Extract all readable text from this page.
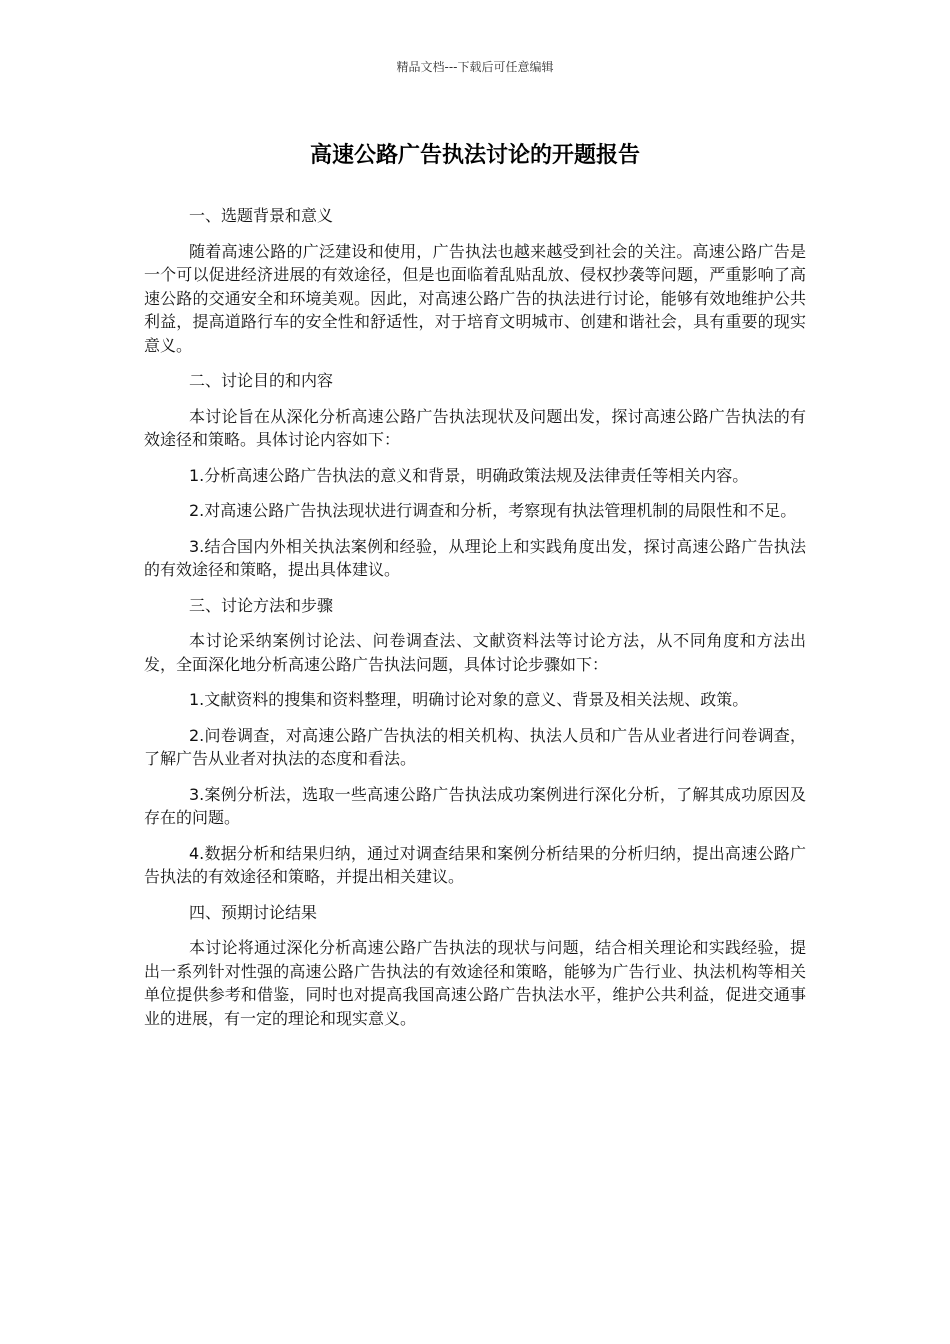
精品文档---下载后可任意编辑
高速公路广告执法讨论的开题报告

一、选题背景和意义

随着高速公路的广泛建设和使用，广告执法也越来越受到社会的关注。高速公路广告是一个可以促进经济进展的有效途径，但是也面临着乱贴乱放、侵权抄袭等问题，严重影响了高速公路的交通安全和环境美观。因此，对高速公路广告的执法进行讨论，能够有效地维护公共利益，提高道路行车的安全性和舒适性，对于培育文明城市、创建和谐社会，具有重要的现实意义。

二、讨论目的和内容

本讨论旨在从深化分析高速公路广告执法现状及问题出发，探讨高速公路广告执法的有效途径和策略。具体讨论内容如下：

1.分析高速公路广告执法的意义和背景，明确政策法规及法律责任等相关内容。

2.对高速公路广告执法现状进行调查和分析，考察现有执法管理机制的局限性和不足。

3.结合国内外相关执法案例和经验，从理论上和实践角度出发，探讨高速公路广告执法的有效途径和策略，提出具体建议。

三、讨论方法和步骤

本讨论采纳案例讨论法、问卷调查法、文献资料法等讨论方法，从不同角度和方法出发，全面深化地分析高速公路广告执法问题，具体讨论步骤如下：

1.文献资料的搜集和资料整理，明确讨论对象的意义、背景及相关法规、政策。

2.问卷调查，对高速公路广告执法的相关机构、执法人员和广告从业者进行问卷调查，了解广告从业者对执法的态度和看法。

3.案例分析法，选取一些高速公路广告执法成功案例进行深化分析，了解其成功原因及存在的问题。

4.数据分析和结果归纳，通过对调查结果和案例分析结果的分析归纳，提出高速公路广告执法的有效途径和策略，并提出相关建议。

四、预期讨论结果

本讨论将通过深化分析高速公路广告执法的现状与问题，结合相关理论和实践经验，提出一系列针对性强的高速公路广告执法的有效途径和策略，能够为广告行业、执法机构等相关单位提供参考和借鉴，同时也对提高我国高速公路广告执法水平，维护公共利益，促进交通事业的进展，有一定的理论和现实意义。
